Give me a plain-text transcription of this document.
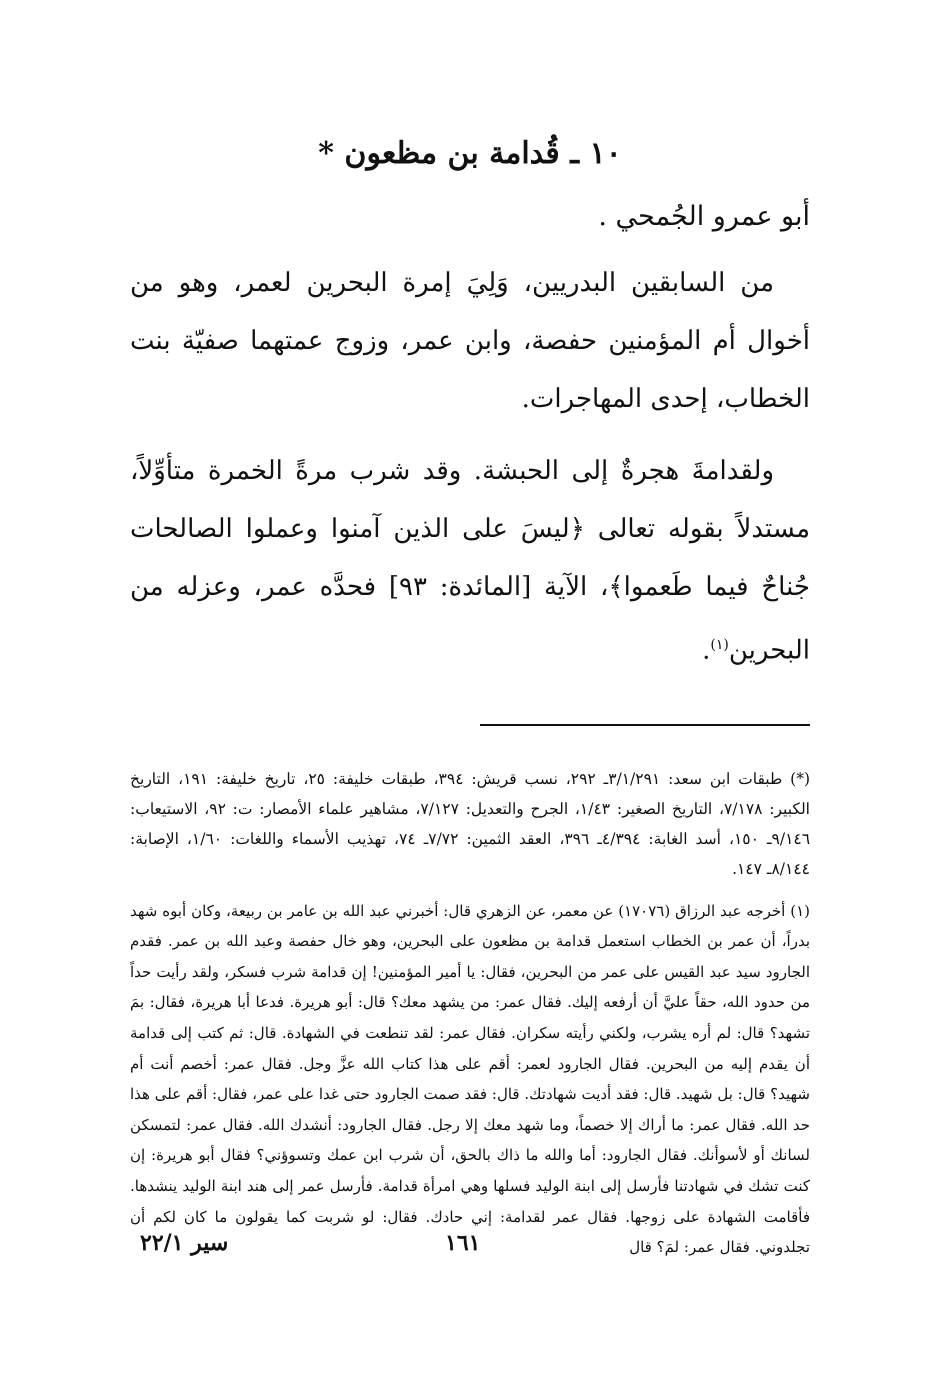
١٠ ـ قُدامة بن مظعون *

أبو عمرو الجُمحي .

من السابقين البدريين، وَلِيَ إمرة البحرين لعمر، وهو من أخوال أم المؤمنين حفصة، وابن عمر، وزوج عمتهما صفيّة بنت الخطاب، إحدى المهاجرات.

ولقدامةَ هجرةٌ إلى الحبشة. وقد شرب مرةً الخمرة متأوِّلاً، مستدلاً بقوله تعالى ﴿ليسَ على الذين آمنوا وعملوا الصالحات جُناحٌ فيما طَعموا﴾، الآية [المائدة: ٩٣] فحدَّه عمر، وعزله من البحرين$^{(١)}$.

(*) طبقات ابن سعد: ٣/١/٢٩١ـ ٢٩٢، نسب قريش: ٣٩٤، طبقات خليفة: ٢٥، تاريخ خليفة: ١٩١، التاريخ الكبير: ٧/١٧٨، التاريخ الصغير: ١/٤٣، الجرح والتعديل: ٧/١٢٧، مشاهير علماء الأمصار: ت: ٩٢، الاستيعاب: ٩/١٤٦ـ ١٥٠، أسد الغابة: ٤/٣٩٤ـ ٣٩٦، العقد الثمين: ٧/٧٢ـ ٧٤، تهذيب الأسماء واللغات: ١/٦٠، الإصابة: ٨/١٤٤ـ ١٤٧.

(١) أخرجه عبد الرزاق (١٧٠٧٦) عن معمر، عن الزهري قال: أخبرني عبد الله بن عامر بن ربيعة، وكان أبوه شهد بدراً، أن عمر بن الخطاب استعمل قدامة بن مظعون على البحرين، وهو خال حفصة وعبد الله بن عمر. فقدم الجارود سيد عبد القيس على عمر من البحرين، فقال: يا أمير المؤمنين! إن قدامة شرب فسكر، ولقد رأيت حداً من حدود الله، حقاً عليَّ أن أرفعه إليك. فقال عمر: من يشهد معك؟ قال: أبو هريرة. فدعا أبا هريرة، فقال: بمَ تشهد؟ قال: لم أره يشرب، ولكني رأيته سكران. فقال عمر: لقد تنطعت في الشهادة. قال: ثم كتب إلى قدامة أن يقدم إليه من البحرين. فقال الجارود لعمر: أقم على هذا كتاب الله عزَّ وجل. فقال عمر: أخصم أنت أم شهيد؟ قال: بل شهيد. قال: فقد أديت شهادتك. قال: فقد صمت الجارود حتى غدا على عمر، فقال: أقم على هذا حد الله. فقال عمر: ما أراك إلا خصماً، وما شهد معك إلا رجل. فقال الجارود: أنشدك الله. فقال عمر: لتمسكن لسانك أو لأسوأنك. فقال الجارود: أما والله ما ذاك بالحق، أن شرب ابن عمك وتسوؤني؟ فقال أبو هريرة: إن كنت تشك في شهادتنا فأرسل إلى ابنة الوليد فسلها وهي امرأة قدامة. فأرسل عمر إلى هند ابنة الوليد ينشدها. فأقامت الشهادة على زوجها. فقال عمر لقدامة: إني حادك. فقال: لو شربت كما يقولون ما كان لكم أن تجلدوني. فقال عمر: لمَ؟ قال

سير ٢٢/١	١٦١
